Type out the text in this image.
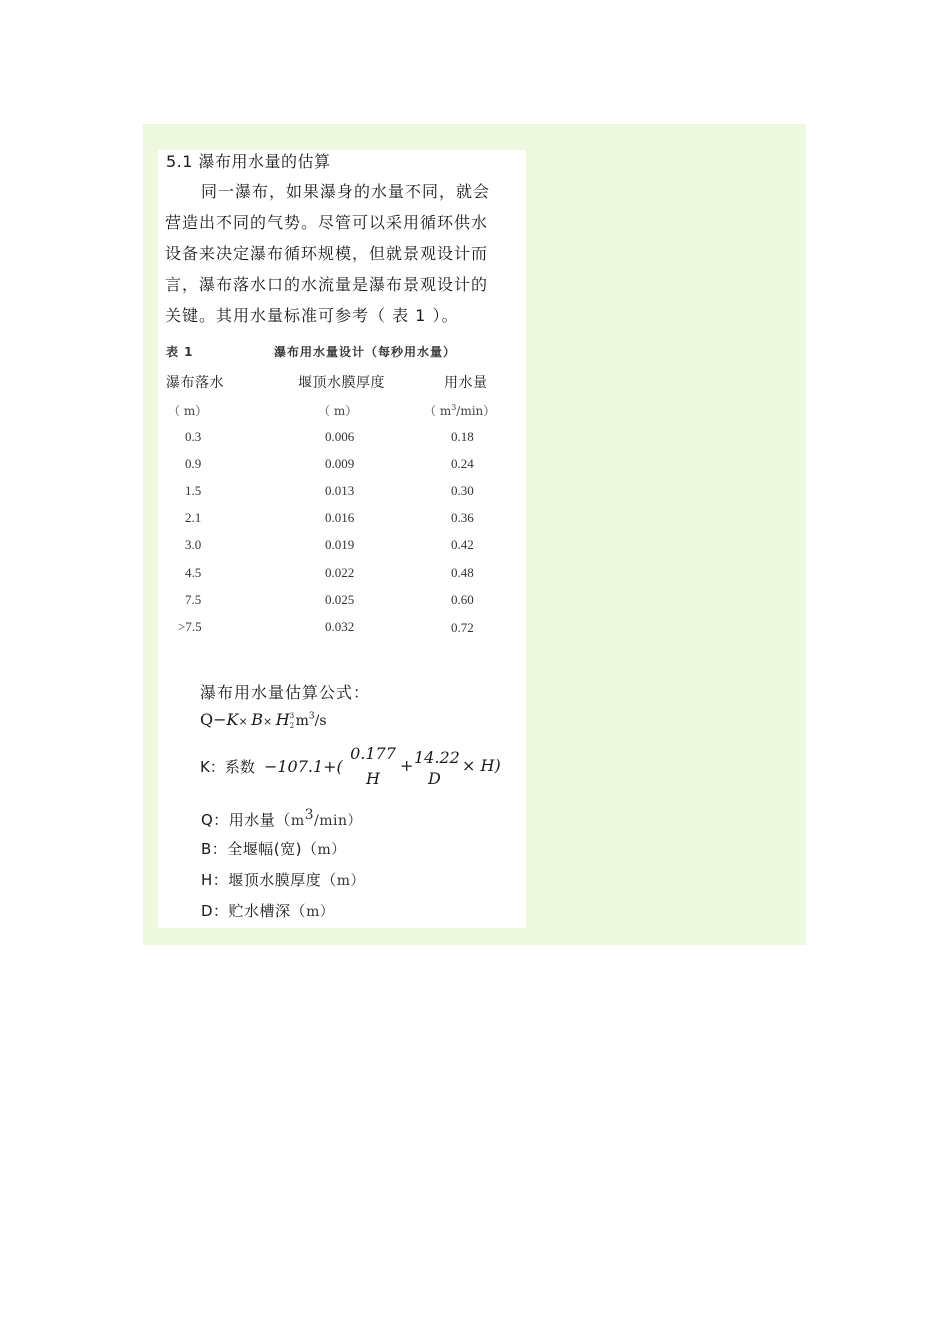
5.1 瀑布用水量的估算
同一瀑布，如果瀑身的水量不同，就会
营造出不同的气势。尽管可以采用循环供水
设备来决定瀑布循环规模，但就景观设计而
言，瀑布落水口的水流量是瀑布景观设计的
关键。其用水量标准可参考（ 表 1 ）。
表 1	瀑布用水量设计（每秒用水量）
瀑布落水	堰顶水膜厚度	用水量
（ m）	（ m）	（ $m^3/\min$）
0.3	0.006	0.18
0.9	0.009	0.24
1.5	0.013	0.30
2.1	0.016	0.36
3.0	0.019	0.42
4.5	0.022	0.48
7.5	0.025	0.60
>7.5	0.032	0.72
瀑布用水量估算公式：
Q−K× B× H 3
2 $m^3/s$
K：系数 −107.1+(
0.177
H
+ 14.22
D
× H)
Q：用水量$(m^3/\min)$
B：全堰幅(宽)（m）
H：堰顶水膜厚度（m）
D：贮水槽深（m）
